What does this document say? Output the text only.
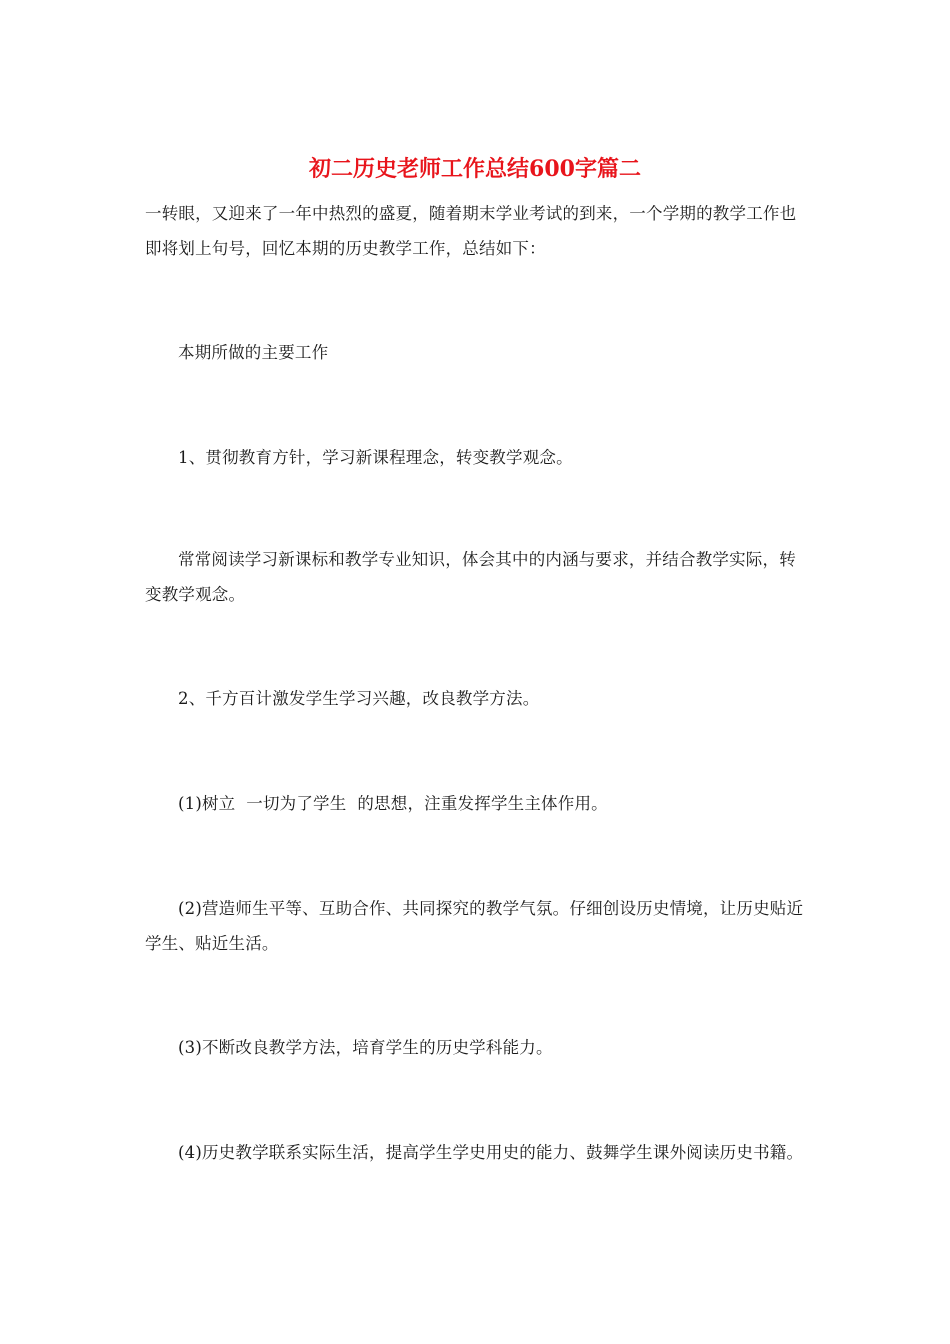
初二历史老师工作总结600字篇二

一转眼，又迎来了一年中热烈的盛夏，随着期末学业考试的到来，一个学期的教学工作也即将划上句号，回忆本期的历史教学工作，总结如下：

本期所做的主要工作

1、贯彻教育方针，学习新课程理念，转变教学观念。

常常阅读学习新课标和教学专业知识，体会其中的内涵与要求，并结合教学实际，转变教学观念。

2、千方百计激发学生学习兴趣，改良教学方法。

(1)树立  一切为了学生  的思想，注重发挥学生主体作用。

(2)营造师生平等、互助合作、共同探究的教学气氛。仔细创设历史情境，让历史贴近学生、贴近生活。

(3)不断改良教学方法，培育学生的历史学科能力。

(4)历史教学联系实际生活，提高学生学史用史的能力、鼓舞学生课外阅读历史书籍。
